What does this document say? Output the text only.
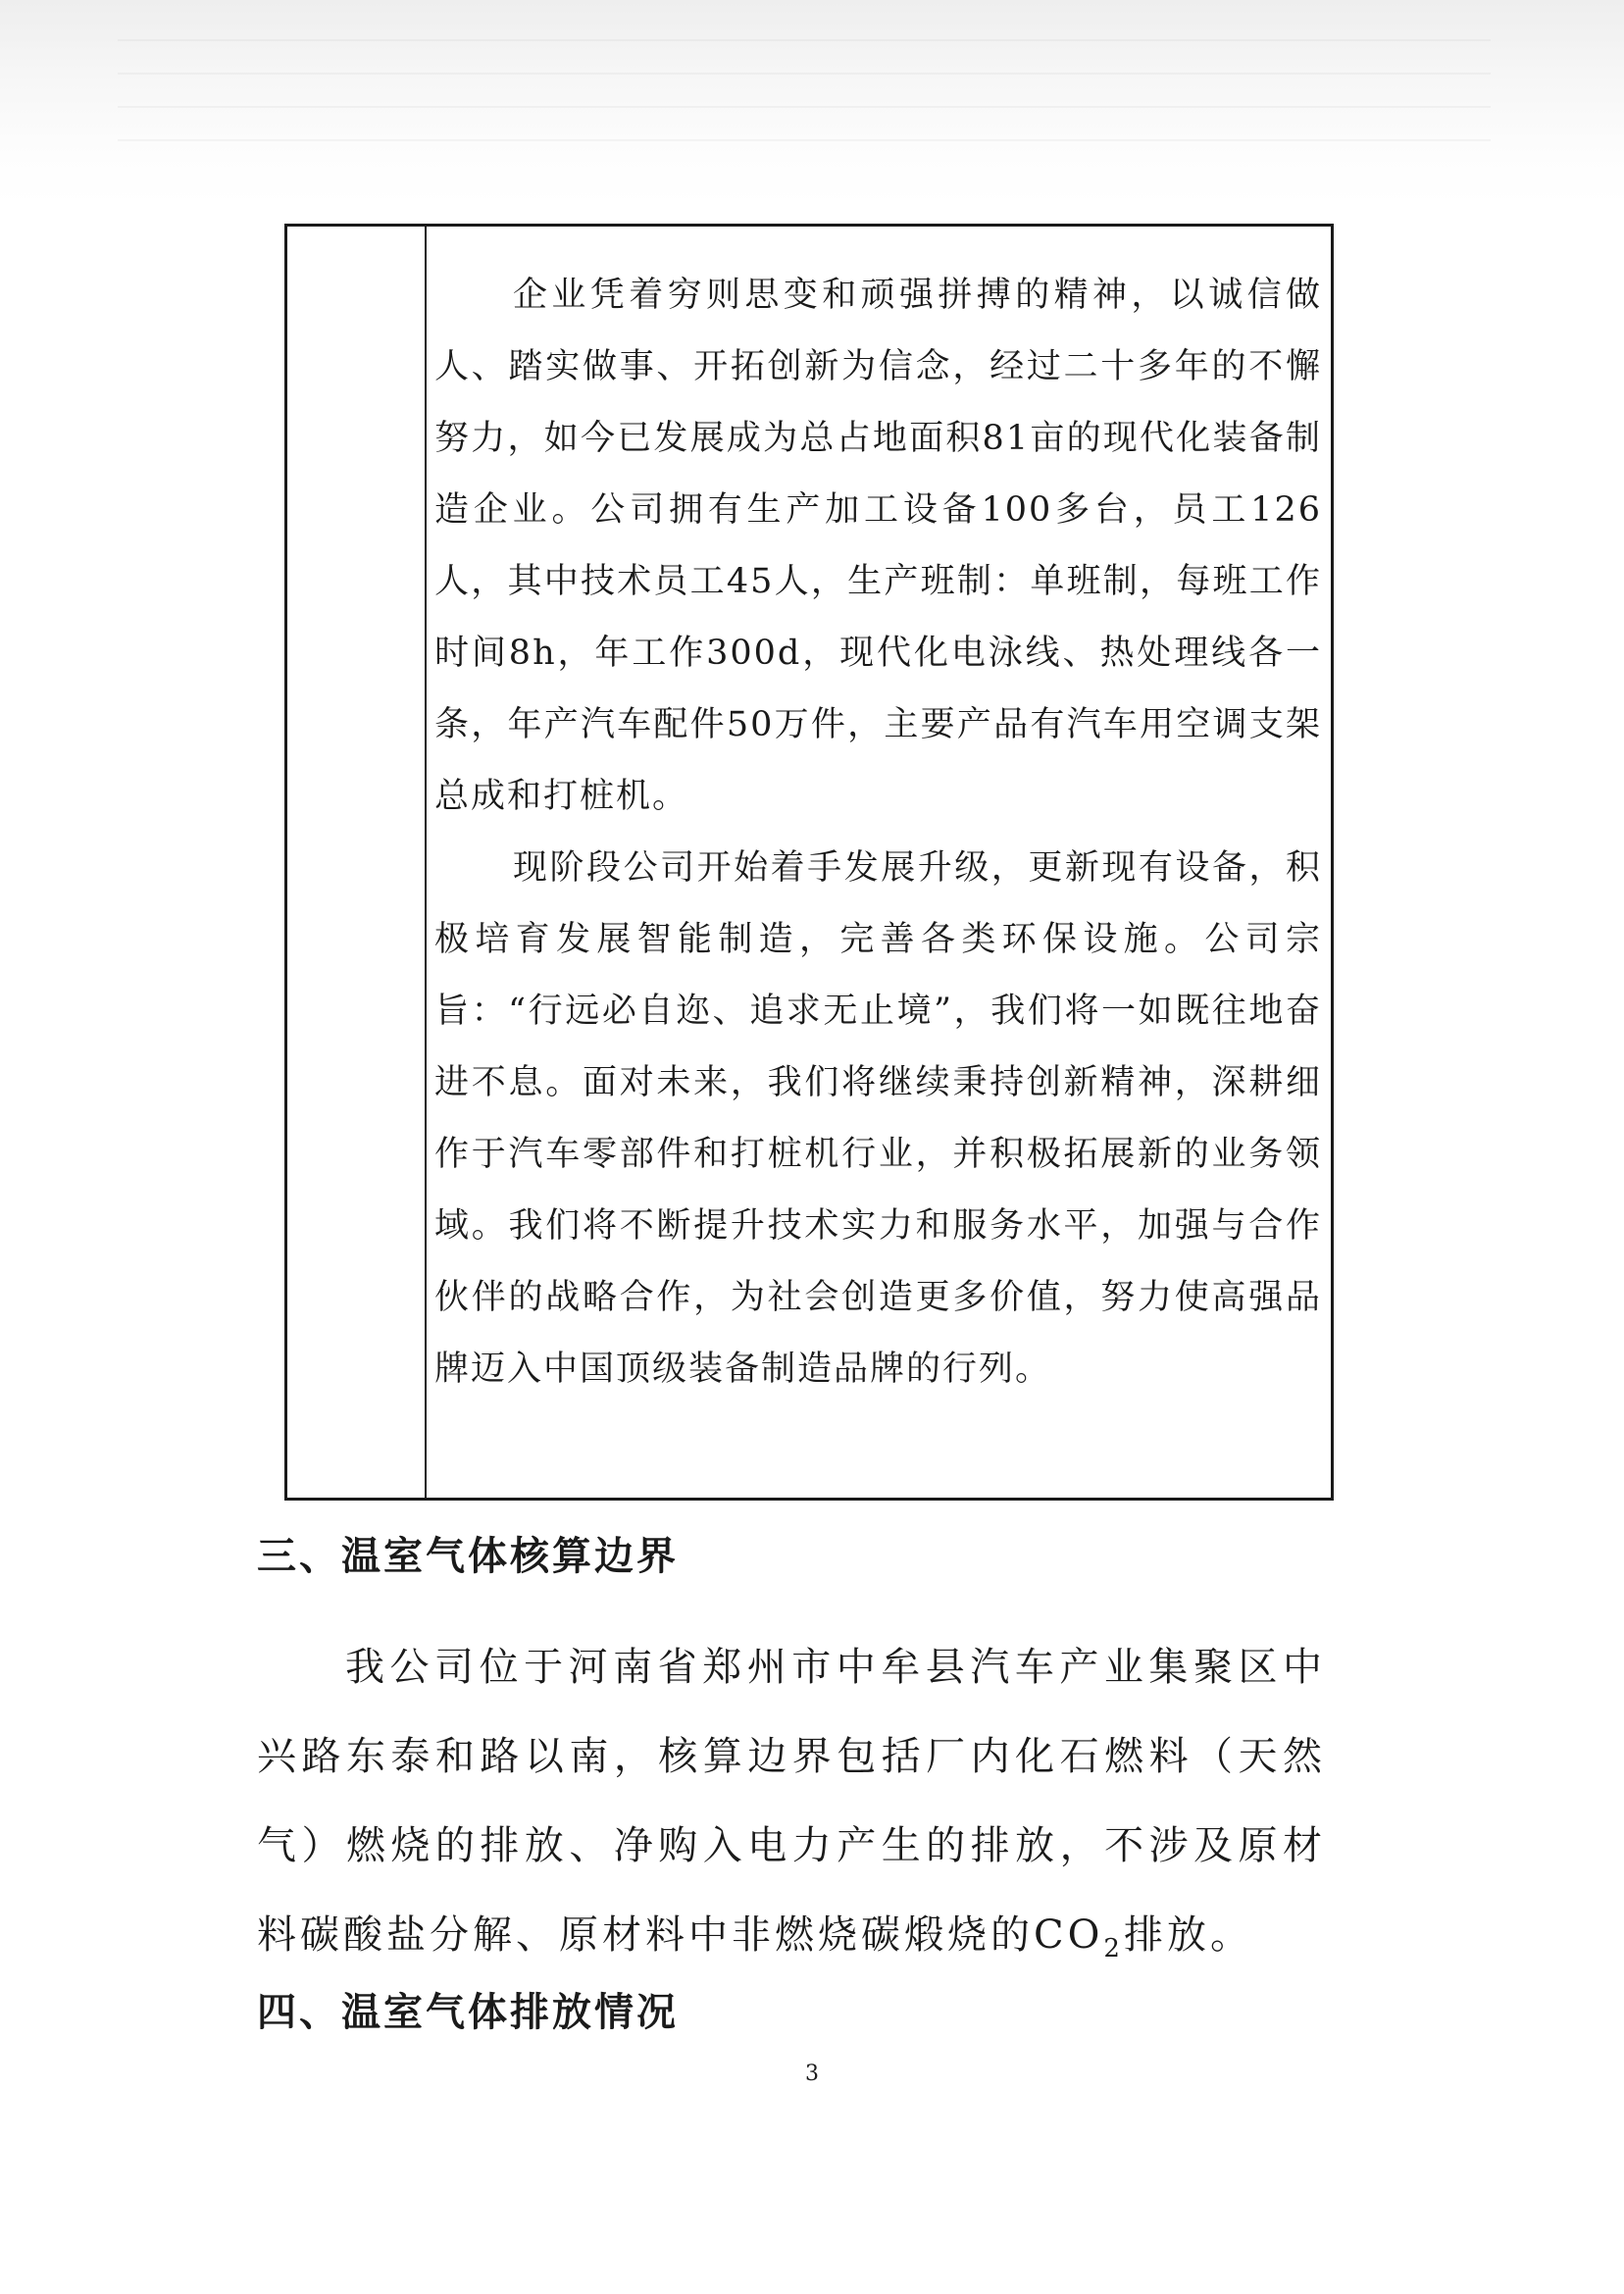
企业凭着穷则思变和顽强拼搏的精神，以诚信做人、踏实做事、开拓创新为信念，经过二十多年的不懈努力，如今已发展成为总占地面积81亩的现代化装备制造企业。公司拥有生产加工设备100多台，员工126人，其中技术员工45人，生产班制：单班制，每班工作时间8h，年工作300d，现代化电泳线、热处理线各一条，年产汽车配件50万件，主要产品有汽车用空调支架总成和打桩机。

现阶段公司开始着手发展升级，更新现有设备，积极培育发展智能制造，完善各类环保设施。公司宗旨：“行远必自迩、追求无止境”，我们将一如既往地奋进不息。面对未来，我们将继续秉持创新精神，深耕细作于汽车零部件和打桩机行业，并积极拓展新的业务领域。我们将不断提升技术实力和服务水平，加强与合作伙伴的战略合作，为社会创造更多价值，努力使高强品牌迈入中国顶级装备制造品牌的行列。

三、温室气体核算边界

我公司位于河南省郑州市中牟县汽车产业集聚区中兴路东泰和路以南，核算边界包括厂内化石燃料（天然气）燃烧的排放、净购入电力产生的排放，不涉及原材料碳酸盐分解、原材料中非燃烧碳煅烧的$CO_2$排放。

四、温室气体排放情况

3
